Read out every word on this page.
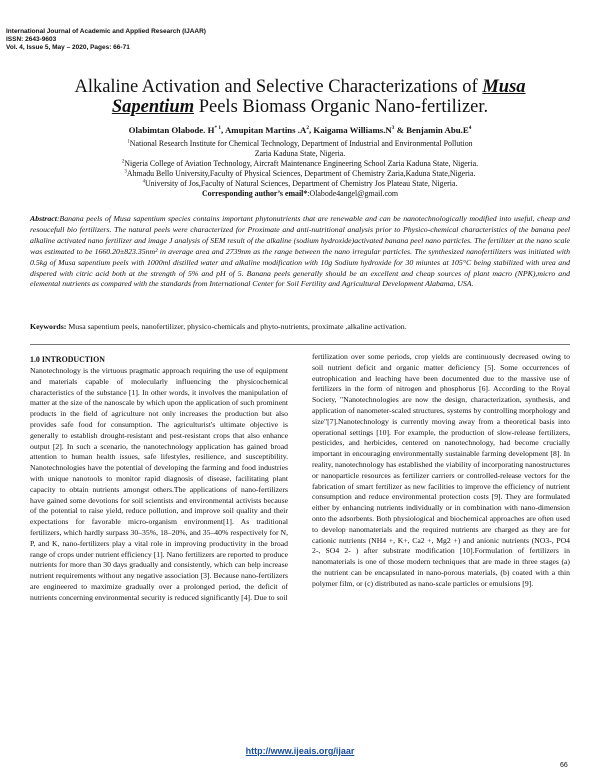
International Journal of Academic and Applied Research (IJAAR)
ISSN: 2643-9603
Vol. 4, Issue 5, May – 2020, Pages: 66-71
Alkaline Activation and Selective Characterizations of Musa
Sapentium Peels Biomass Organic Nano-fertilizer.
Olabimtan Olabode. $H^{* 1}$, Amupitan Martins $.A^2$, Kaigama $Williams.N^3$ & Benjamin $Abu.E^4$
$^1$National Research Institute for Chemical Technology, Department of Industrial and Environmental Pollution
Zaria Kaduna State, Nigeria.
$^2$Nigeria College of Aviation Technology, Aircraft Maintenance Engineering School Zaria Kaduna State, Nigeria.
$^3$Ahmadu Bello University,Faculty of Physical Sciences, Department of Chemistry Zaria,Kaduna State,Nigeria.
$^4$University of Jos,Faculty of Natural Sciences, Department of Chemistry Jos Plateau State, Nigeria.
Corresponding author’s email*:Olabode4angel@gmail.com
Abstract:Banana peels of Musa sapentium species contains important phytonutrients that are renewable and can be nanotechnologically modified into useful, cheap and resoucefull bio fertilizers. The natural peels were characterized for Proximate and anti-nutritional analysis prior to Physico-chemical characteristics of the banana peel alkaline activated nano fertilizer and image J analysis of SEM result of the alkaline (sodium hydroxide)activated banana peel nano particles. The fertilizer at the nano scale was estimated to be 1660.20±823.35nm² in average area and 2739nm as the range between the nano irregular particles. The synthesized nanofertilizers was initiated with 0.5kg of Musa sapentium peels with 1000ml distilled water and alkaline modification with 10g Sodium hydroxide for 30 miuntes at 105°C being stabilized with urea and dispered with citric acid both at the strength of 5% and pH of 5. Banana peels generally should be an excellent and cheap sources of plant macro (NPK),micro and elemental nutrients as compared with the standards from International Center for Soil Fertility and Agricultural Development Alabama, USA.
Keywords: Musa sapentium peels, nanofertilizer, physico-chemicals and phyto-nutrients, proximate ,alkaline activation.
1.0 INTRODUCTION
Nanotechnology is the virtuous pragmatic approach requiring the use of equipment and materials capable of molecularly influencing the physicochemical characteristics of the substance [1]. In other words, it involves the manipulation of matter at the size of the nanoscale by which upon the application of such prominent products in the field of agriculture not only increases the production but also provides safe food for consumption. The agriculturist's ultimate objective is generally to establish drought-resistant and pest-resistant crops that also enhance output [2]. In such a scenario, the nanotechnology application has gained broad attention to human health issues, safe lifestyles, resilience, and susceptibility. Nanotechnologies have the potential of developing the farming and food industries with unique nanotools to monitor rapid diagnosis of disease, facilitating plant capacity to obtain nutrients amongst others.The applications of nano-fertilizers have gained some devotions for soil scientists and environmental activists because of the potential to raise yield, reduce pollution, and improve soil quality and their expectations for favorable micro-organism environment[1]. As traditional fertilizers, which hardly surpass 30–35%, 18–20%, and 35–40% respectively for N, P, and K, nano-fertilizers play a vital role in improving productivity in the broad range of crops under nutrient efficiency [1]. Nano fertilizers are reported to produce nutrients for more than 30 days gradually and consistently, which can help increase nutrient requirements without any negative association [3]. Because nano-fertilizers are engineered to maximize gradually over a prolonged period, the deficit of nutrients concerning environmental security is reduced significantly [4]. Due to soil
fertilization over some periods, crop yields are continuously decreased owing to soil nutrient deficit and organic matter deficiency [5]. Some occurrences of eutrophication and leaching have been documented due to the massive use of fertilizers in the form of nitrogen and phosphorus [6]. According to the Royal Society, "Nanotechnologies are now the design, characterization, synthesis, and application of nanometer-scaled structures, systems by controlling morphology and size"[7].Nanotechnology is currently moving away from a theoretical basis into operational settings [10]. For example, the production of slow-release fertilizers, pesticides, and herbicides, centered on nanotechnology, had become crucially important in encouraging environmentally sustainable farming development [8]. In reality, nanotechnology has established the viability of incorporating nanostructures or nanoparticle resources as fertilizer carriers or controlled-release vectors for the fabrication of smart fertilizer as new facilities to improve the efficiency of nutrient consumption and reduce environmental protection costs [9]. They are formulated either by enhancing nutrients individually or in combination with nano-dimension onto the adsorbents. Both physiological and biochemical approaches are often used to develop nanomaterials and the required nutrients are charged as they are for cationic nutrients (NH4 +, K+, Ca2 +, Mg2 +) and anionic nutrients (NO3-, PO4 2-, SO4 2- ) after substrate modification [10].Formulation of fertilizers in nanomaterials is one of those modern techniques that are made in three stages (a) the nutrient can be encapsulated in nano-porous materials, (b) coated with a thin polymer film, or (c) distributed as nano-scale particles or emulsions [9].
http://www.ijeais.org/ijaar
66
